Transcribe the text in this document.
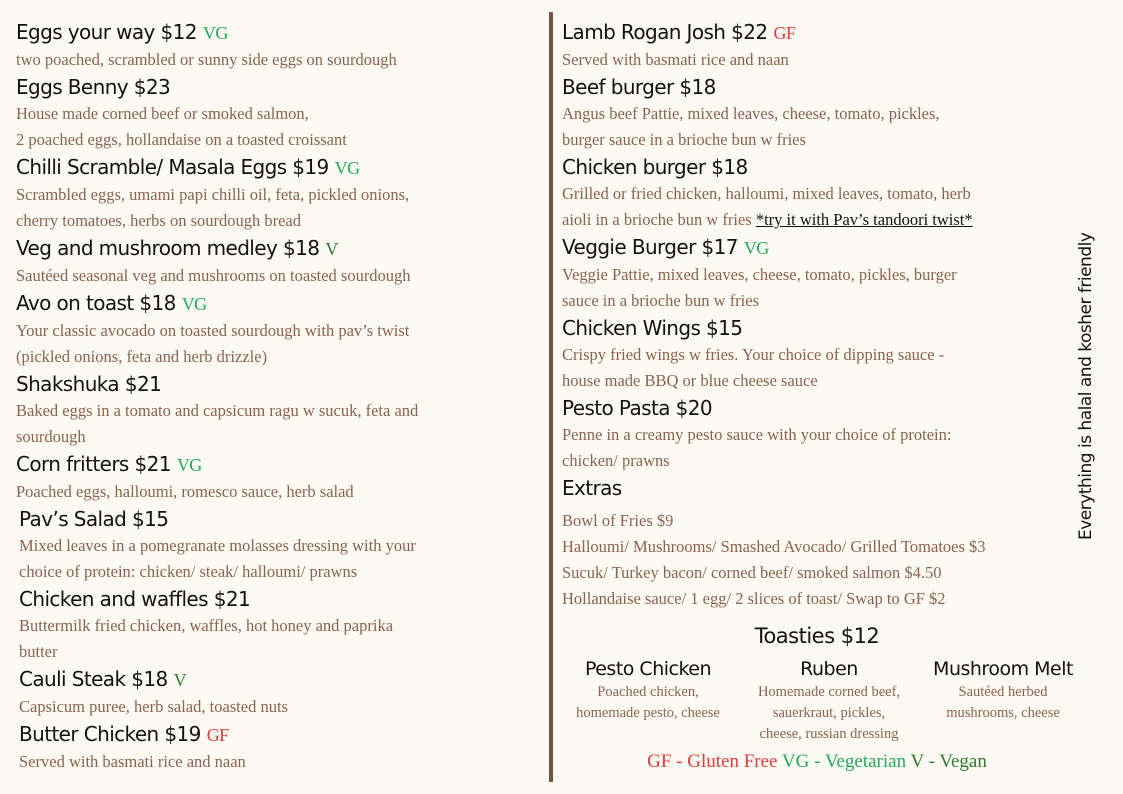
Eggs your way $12 VG
two poached, scrambled or sunny side eggs on sourdough
Eggs Benny $23
House made corned beef or smoked salmon,
2 poached eggs, hollandaise on a toasted croissant
Chilli Scramble/ Masala Eggs $19 VG
Scrambled eggs, umami papi chilli oil, feta, pickled onions,
cherry tomatoes, herbs on sourdough bread
Veg and mushroom medley $18 V
Sautéed seasonal veg and mushrooms on toasted sourdough
Avo on toast $18 VG
Your classic avocado on toasted sourdough with pav’s twist
(pickled onions, feta and herb drizzle)
Shakshuka $21
Baked eggs in a tomato and capsicum ragu w sucuk, feta and
sourdough
Corn fritters $21 VG
Poached eggs, halloumi, romesco sauce, herb salad
Pav’s Salad $15
Mixed leaves in a pomegranate molasses dressing with your
choice of protein: chicken/ steak/ halloumi/ prawns
Chicken and waffles $21
Buttermilk fried chicken, waffles, hot honey and paprika
butter
Cauli Steak $18 V
Capsicum puree, herb salad, toasted nuts
Butter Chicken $19 GF
Served with basmati rice and naan
Lamb Rogan Josh $22 GF
Served with basmati rice and naan
Beef burger $18
Angus beef Pattie, mixed leaves, cheese, tomato, pickles,
burger sauce in a brioche bun w fries
Chicken burger $18
Grilled or fried chicken, halloumi, mixed leaves, tomato, herb
aioli in a brioche bun w fries *try it with Pav’s tandoori twist*
Veggie Burger $17 VG
Veggie Pattie, mixed leaves, cheese, tomato, pickles, burger
sauce in a brioche bun w fries
Chicken Wings $15
Crispy fried wings w fries. Your choice of dipping sauce -
house made BBQ or blue cheese sauce
Pesto Pasta $20
Penne in a creamy pesto sauce with your choice of protein:
chicken/ prawns
Extras
Bowl of Fries $9
Halloumi/ Mushrooms/ Smashed Avocado/ Grilled Tomatoes $3
Sucuk/ Turkey bacon/ corned beef/ smoked salmon $4.50
Hollandaise sauce/ 1 egg/ 2 slices of toast/ Swap to GF $2
Toasties $12
Pesto Chicken
Poached chicken,
homemade pesto, cheese
Ruben
Homemade corned beef,
sauerkraut, pickles,
cheese, russian dressing
Mushroom Melt
Sautéed herbed
mushrooms, cheese
GF - Gluten Free VG - Vegetarian V - Vegan
Everything is halal and kosher friendly
